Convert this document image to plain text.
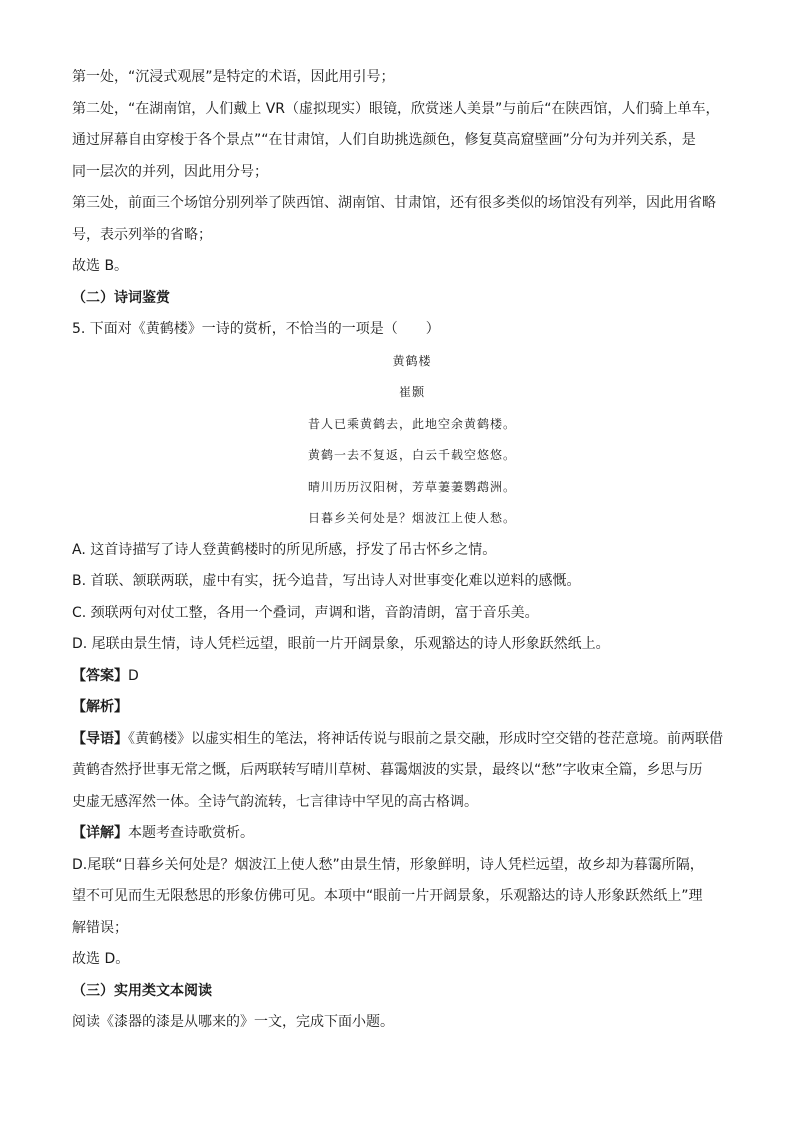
第一处，“沉浸式观展”是特定的术语，因此用引号；
第二处，“在湖南馆，人们戴上 VR（虚拟现实）眼镜，欣赏迷人美景”与前后“在陕西馆，人们骑上单车，
通过屏幕自由穿梭于各个景点”“在甘肃馆，人们自助挑选颜色，修复莫高窟壁画”分句为并列关系，是
同一层次的并列，因此用分号；
第三处，前面三个场馆分别列举了陕西馆、湖南馆、甘肃馆，还有很多类似的场馆没有列举，因此用省略
号，表示列举的省略；
故选 B。
（二）诗词鉴赏
5. 下面对《黄鹤楼》一诗的赏析，不恰当的一项是（　　）
黄鹤楼
崔颢
昔人已乘黄鹤去，此地空余黄鹤楼。
黄鹤一去不复返，白云千载空悠悠。
晴川历历汉阳树，芳草萋萋鹦鹉洲。
日暮乡关何处是？烟波江上使人愁。
A. 这首诗描写了诗人登黄鹤楼时的所见所感，抒发了吊古怀乡之情。
B. 首联、颔联两联，虚中有实，抚今追昔，写出诗人对世事变化难以逆料的感慨。
C. 颈联两句对仗工整，各用一个叠词，声调和谐，音韵清朗，富于音乐美。
D. 尾联由景生情，诗人凭栏远望，眼前一片开阔景象，乐观豁达的诗人形象跃然纸上。
【答案】D
【解析】
【导语】《黄鹤楼》以虚实相生的笔法，将神话传说与眼前之景交融，形成时空交错的苍茫意境。前两联借
黄鹤杳然抒世事无常之慨，后两联转写晴川草树、暮霭烟波的实景，最终以“愁”字收束全篇，乡思与历
史虚无感浑然一体。全诗气韵流转，七言律诗中罕见的高古格调。
【详解】本题考查诗歌赏析。
D.尾联“日暮乡关何处是？烟波江上使人愁”由景生情，形象鲜明，诗人凭栏远望，故乡却为暮霭所隔，
望不可见而生无限愁思的形象仿佛可见。本项中“眼前一片开阔景象，乐观豁达的诗人形象跃然纸上”理
解错误；
故选 D。
（三）实用类文本阅读
阅读《漆器的漆是从哪来的》一文，完成下面小题。
